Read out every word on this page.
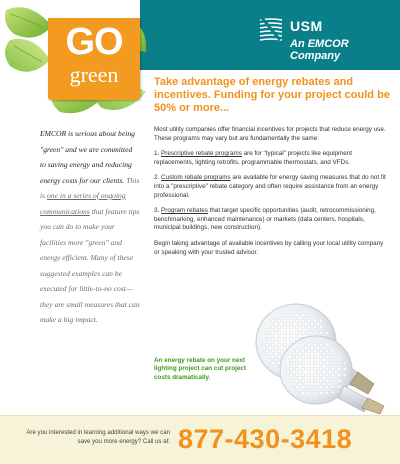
USM
An EMCOR Company
GO
green	Take advantage of energy rebates and incentives. Funding for your project could be 50% or more...
EMCOR is serious about being "green" and we are committed to saving energy and reducing energy costs for our clients. This is one in a series of ongoing communications that feature tips you can do to make your facilities more "green" and energy efficient. Many of these suggested examples can be executed for little-to-no cost—they are small measures that can make a big impact.

Most utility companies offer financial incentives for projects that reduce energy use. These programs may vary but are fundamentally the same:

1. Prescriptive rebate programs are for "typical" projects like equipment replacements, lighting retrofits, programmable thermostats, and VFDs.

2. Custom rebate programs are available for energy saving measures that do not fit into a "prescriptive" rebate category and often require assistance from an energy professional.

3. Program rebates that target specific opportunities (audit, retrocommissioning, benchmarking, enhanced maintenance) or markets (data centers, hospitals, municipal buildings, new construction).

Begin taking advantage of available incentives by calling your local utility company or speaking with your trusted advisor.

An energy rebate on your next lighting project can cut project costs dramatically.
Are you interested in learning additional ways we can save you more energy? Call us at: 877-430-3418
